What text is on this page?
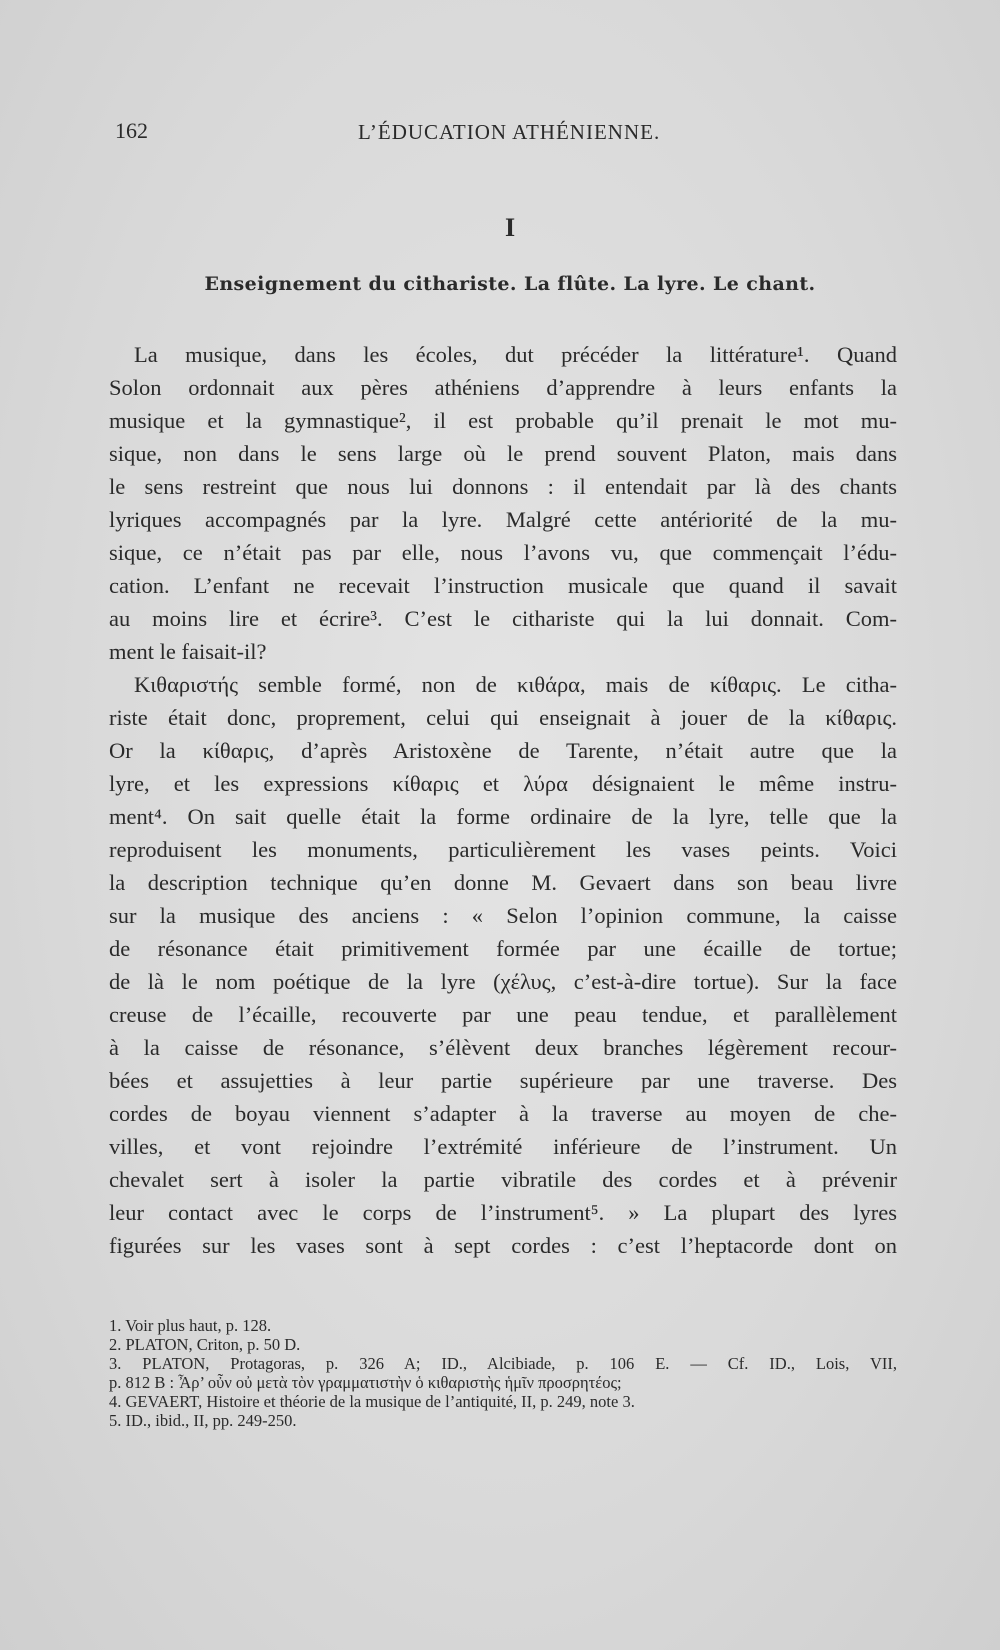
162	L’ÉDUCATION ATHÉNIENNE.
I
Enseignement du cithariste. La flûte. La lyre. Le chant.
La musique, dans les écoles, dut précéder la littérature¹. Quand
Solon ordonnait aux pères athéniens d’apprendre à leurs enfants la
musique et la gymnastique², il est probable qu’il prenait le mot mu-
sique, non dans le sens large où le prend souvent Platon, mais dans
le sens restreint que nous lui donnons : il entendait par là des chants
lyriques accompagnés par la lyre. Malgré cette antériorité de la mu-
sique, ce n’était pas par elle, nous l’avons vu, que commençait l’édu-
cation. L’enfant ne recevait l’instruction musicale que quand il savait
au moins lire et écrire³. C’est le cithariste qui la lui donnait. Com-
ment le faisait-il?
Κιθαριστής semble formé, non de κιθάρα, mais de κίθαρις. Le citha-
riste était donc, proprement, celui qui enseignait à jouer de la κίθαρις.
Or la κίθαρις, d’après Aristoxène de Tarente, n’était autre que la
lyre, et les expressions κίθαρις et λύρα désignaient le même instru-
ment⁴. On sait quelle était la forme ordinaire de la lyre, telle que la
reproduisent les monuments, particulièrement les vases peints. Voici
la description technique qu’en donne M. Gevaert dans son beau livre
sur la musique des anciens : « Selon l’opinion commune, la caisse
de résonance était primitivement formée par une écaille de tortue;
de là le nom poétique de la lyre (χέλυς, c’est-à-dire tortue). Sur la face
creuse de l’écaille, recouverte par une peau tendue, et parallèlement
à la caisse de résonance, s’élèvent deux branches légèrement recour-
bées et assujetties à leur partie supérieure par une traverse. Des
cordes de boyau viennent s’adapter à la traverse au moyen de che-
villes, et vont rejoindre l’extrémité inférieure de l’instrument. Un
chevalet sert à isoler la partie vibratile des cordes et à prévenir
leur contact avec le corps de l’instrument⁵. » La plupart des lyres
figurées sur les vases sont à sept cordes : c’est l’heptacorde dont on
1. Voir plus haut, p. 128.
2. PLATON, Criton, p. 50 D.
3. PLATON, Protagoras, p. 326 A; ID., Alcibiade, p. 106 E. — Cf. ID., Lois, VII,
p. 812 B : Ἆρ’ οὖν οὐ μετὰ τὸν γραμματιστὴν ὁ κιθαριστὴς ἡμῖν προσρητέος;
4. GEVAERT, Histoire et théorie de la musique de l’antiquité, II, p. 249, note 3.
5. ID., ibid., II, pp. 249-250.
